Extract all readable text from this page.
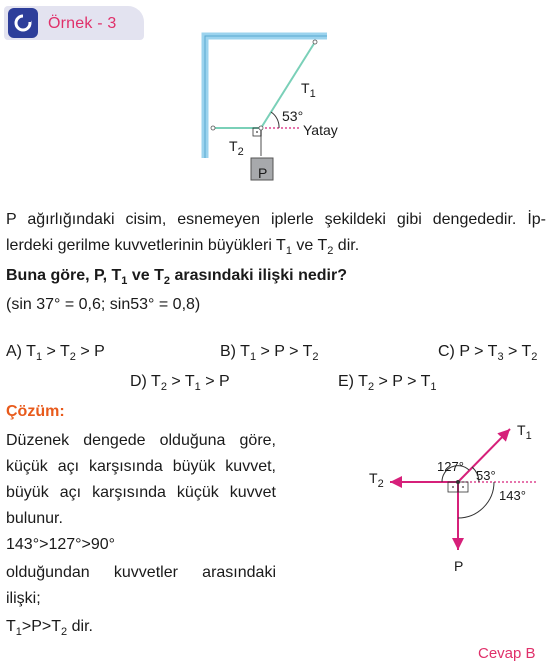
Örnek - 3
$T_1$
53°
Yatay
$T_2$
P
P ağırlığındaki cisim, esnemeyen iplerle şekildeki gibi dengededir. İp-
lerdeki gerilme kuvvetlerinin büyükleri $T_1$ ve $T_2$ dir.
Buna göre, P, $T_1$ ve $T_2$ arasındaki ilişki nedir?
(sin 37° = 0,6; sin53° = 0,8)
A) $T_1 > T_2 > P$	B) $T_1 > P > T_2$	C) $P > T_3 > T_2$
D) $T_2 > T_1 > P$	E) $T_2 > P > T_1$
Çözüm:
Düzenek dengede olduğuna göre,
küçük açı karşısında büyük kuvvet,
büyük açı karşısında küçük kuvvet
bulunur.
143°>127°>90°
olduğundan kuvvetler arasındaki
ilişki;
$T_1>P>T_2$ dir.
$T_1$
$T_2$
127°
53°
143°
P
Cevap B
